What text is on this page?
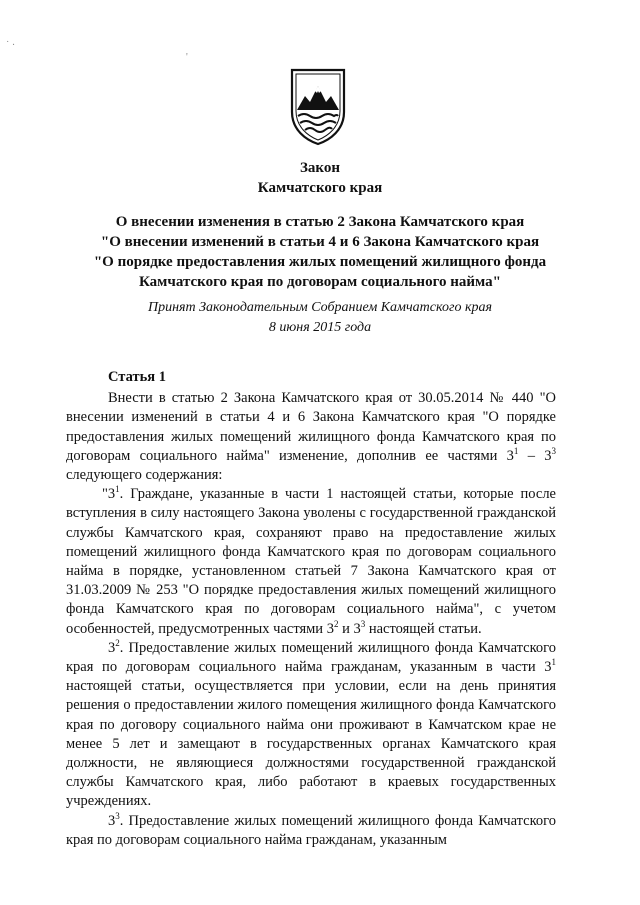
˙ ·
'
Закон
Камчатского края
О внесении изменения в статью 2 Закона Камчатского края
"О внесении изменений в статьи 4 и 6 Закона Камчатского края
"О порядке предоставления жилых помещений жилищного фонда
Камчатского края по договорам социального найма"
Принят Законодательным Собранием Камчатского края
8 июня 2015 года

Статья 1

Внести в статью 2 Закона Камчатского края от 30.05.2014 № 440 "О внесении изменений в статьи 4 и 6 Закона Камчатского края "О порядке предоставления жилых помещений жилищного фонда Камчатского края по договорам социального найма" изменение, дополнив ее частями $3^1 - 3^3$ следующего содержания:

"$3^1$. Граждане, указанные в части 1 настоящей статьи, которые после вступления в силу настоящего Закона уволены с государственной гражданской службы Камчатского края, сохраняют право на предоставление жилых помещений жилищного фонда Камчатского края по договорам социального найма в порядке, установленном статьей 7 Закона Камчатского края от 31.03.2009 № 253 "О порядке предоставления жилых помещений жилищного фонда Камчатского края по договорам социального найма", с учетом особенностей, предусмотренных частями $3^2$ и $3^3$ настоящей статьи.

$3^2$. Предоставление жилых помещений жилищного фонда Камчатского края по договорам социального найма гражданам, указанным в части $3^1$ настоящей статьи, осуществляется при условии, если на день принятия решения о предоставлении жилого помещения жилищного фонда Камчатского края по договору социального найма они проживают в Камчатском крае не менее 5 лет и замещают в государственных органах Камчатского края должности, не являющиеся должностями государственной гражданской службы Камчатского края, либо работают в краевых государственных учреждениях.

$3^3$. Предоставление жилых помещений жилищного фонда Камчатского края по договорам социального найма гражданам, указанным
